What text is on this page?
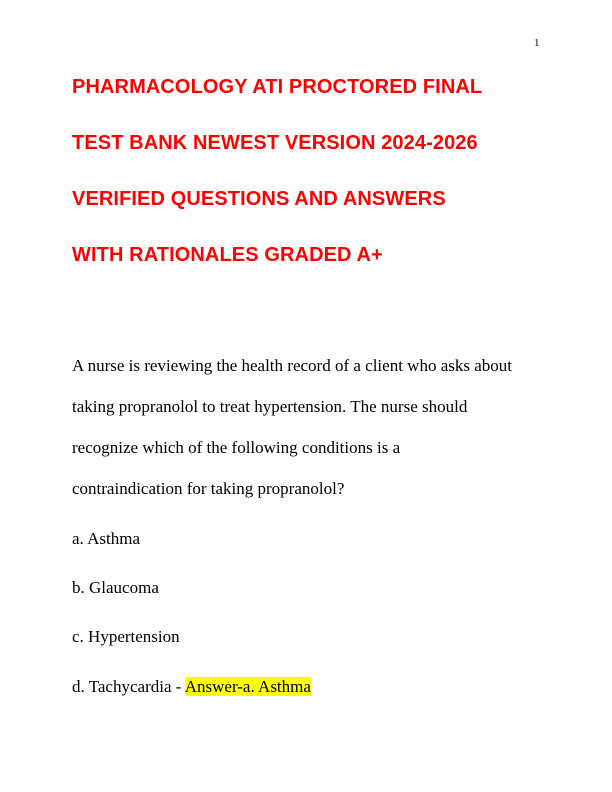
1
PHARMACOLOGY ATI PROCTORED FINAL
TEST BANK NEWEST VERSION 2024-2026
VERIFIED QUESTIONS AND ANSWERS
WITH RATIONALES GRADED A+
A nurse is reviewing the health record of a client who asks about
taking propranolol to treat hypertension. The nurse should
recognize which of the following conditions is a
contraindication for taking propranolol?
a. Asthma
b. Glaucoma
c. Hypertension
d. Tachycardia - Answer-a. Asthma
